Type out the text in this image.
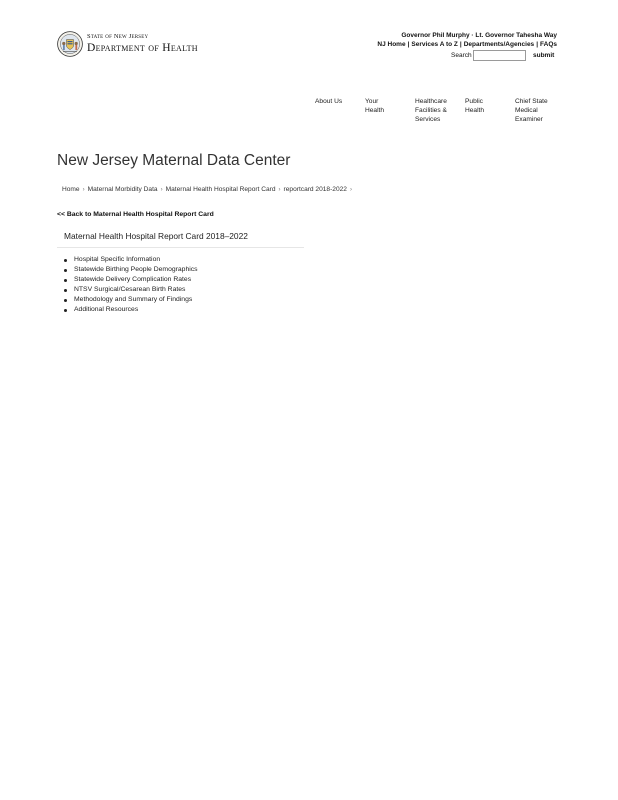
State of New Jersey
Department of Health
Governor Phil Murphy · Lt. Governor Tahesha Way
NJ Home | Services A to Z | Departments/Agencies | FAQs
Search	submit
About Us	Your Health
Healthcare Facilities & Services
Public Health
Chief State Medical Examiner
New Jersey Maternal Data Center
Home › Maternal Morbidity Data › Maternal Health Hospital Report Card › reportcard 2018-2022 ›
<< Back to Maternal Health Hospital Report Card
Maternal Health Hospital Report Card 2018–2022
Hospital Specific Information
Statewide Birthing People Demographics
Statewide Delivery Complication Rates
NTSV Surgical/Cesarean Birth Rates
Methodology and Summary of Findings
Additional Resources
